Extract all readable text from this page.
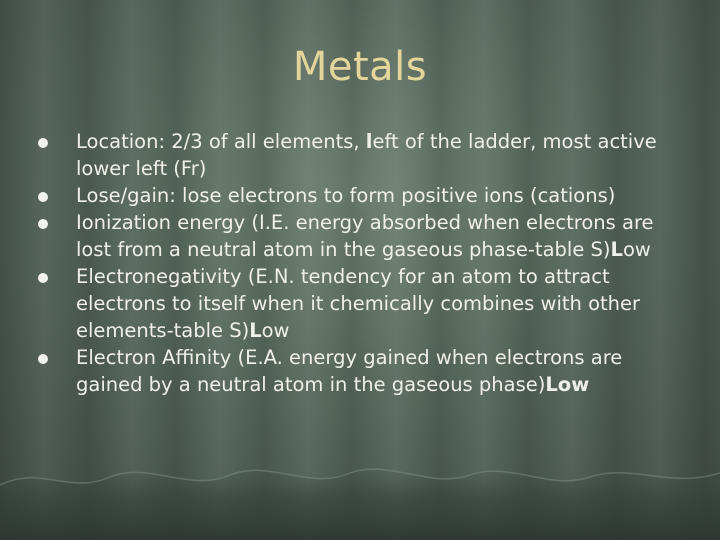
Metals
Location: 2/3 of all elements, left of the ladder, most active lower left (Fr)
Lose/gain: lose electrons to form positive ions (cations)
Ionization energy (I.E. energy absorbed when electrons are lost from a neutral atom in the gaseous phase-table S)Low
Electronegativity (E.N. tendency for an atom to attract electrons to itself when it chemically combines with other elements-table S)Low
Electron Affinity (E.A. energy gained when electrons are gained by a neutral atom in the gaseous phase)Low
